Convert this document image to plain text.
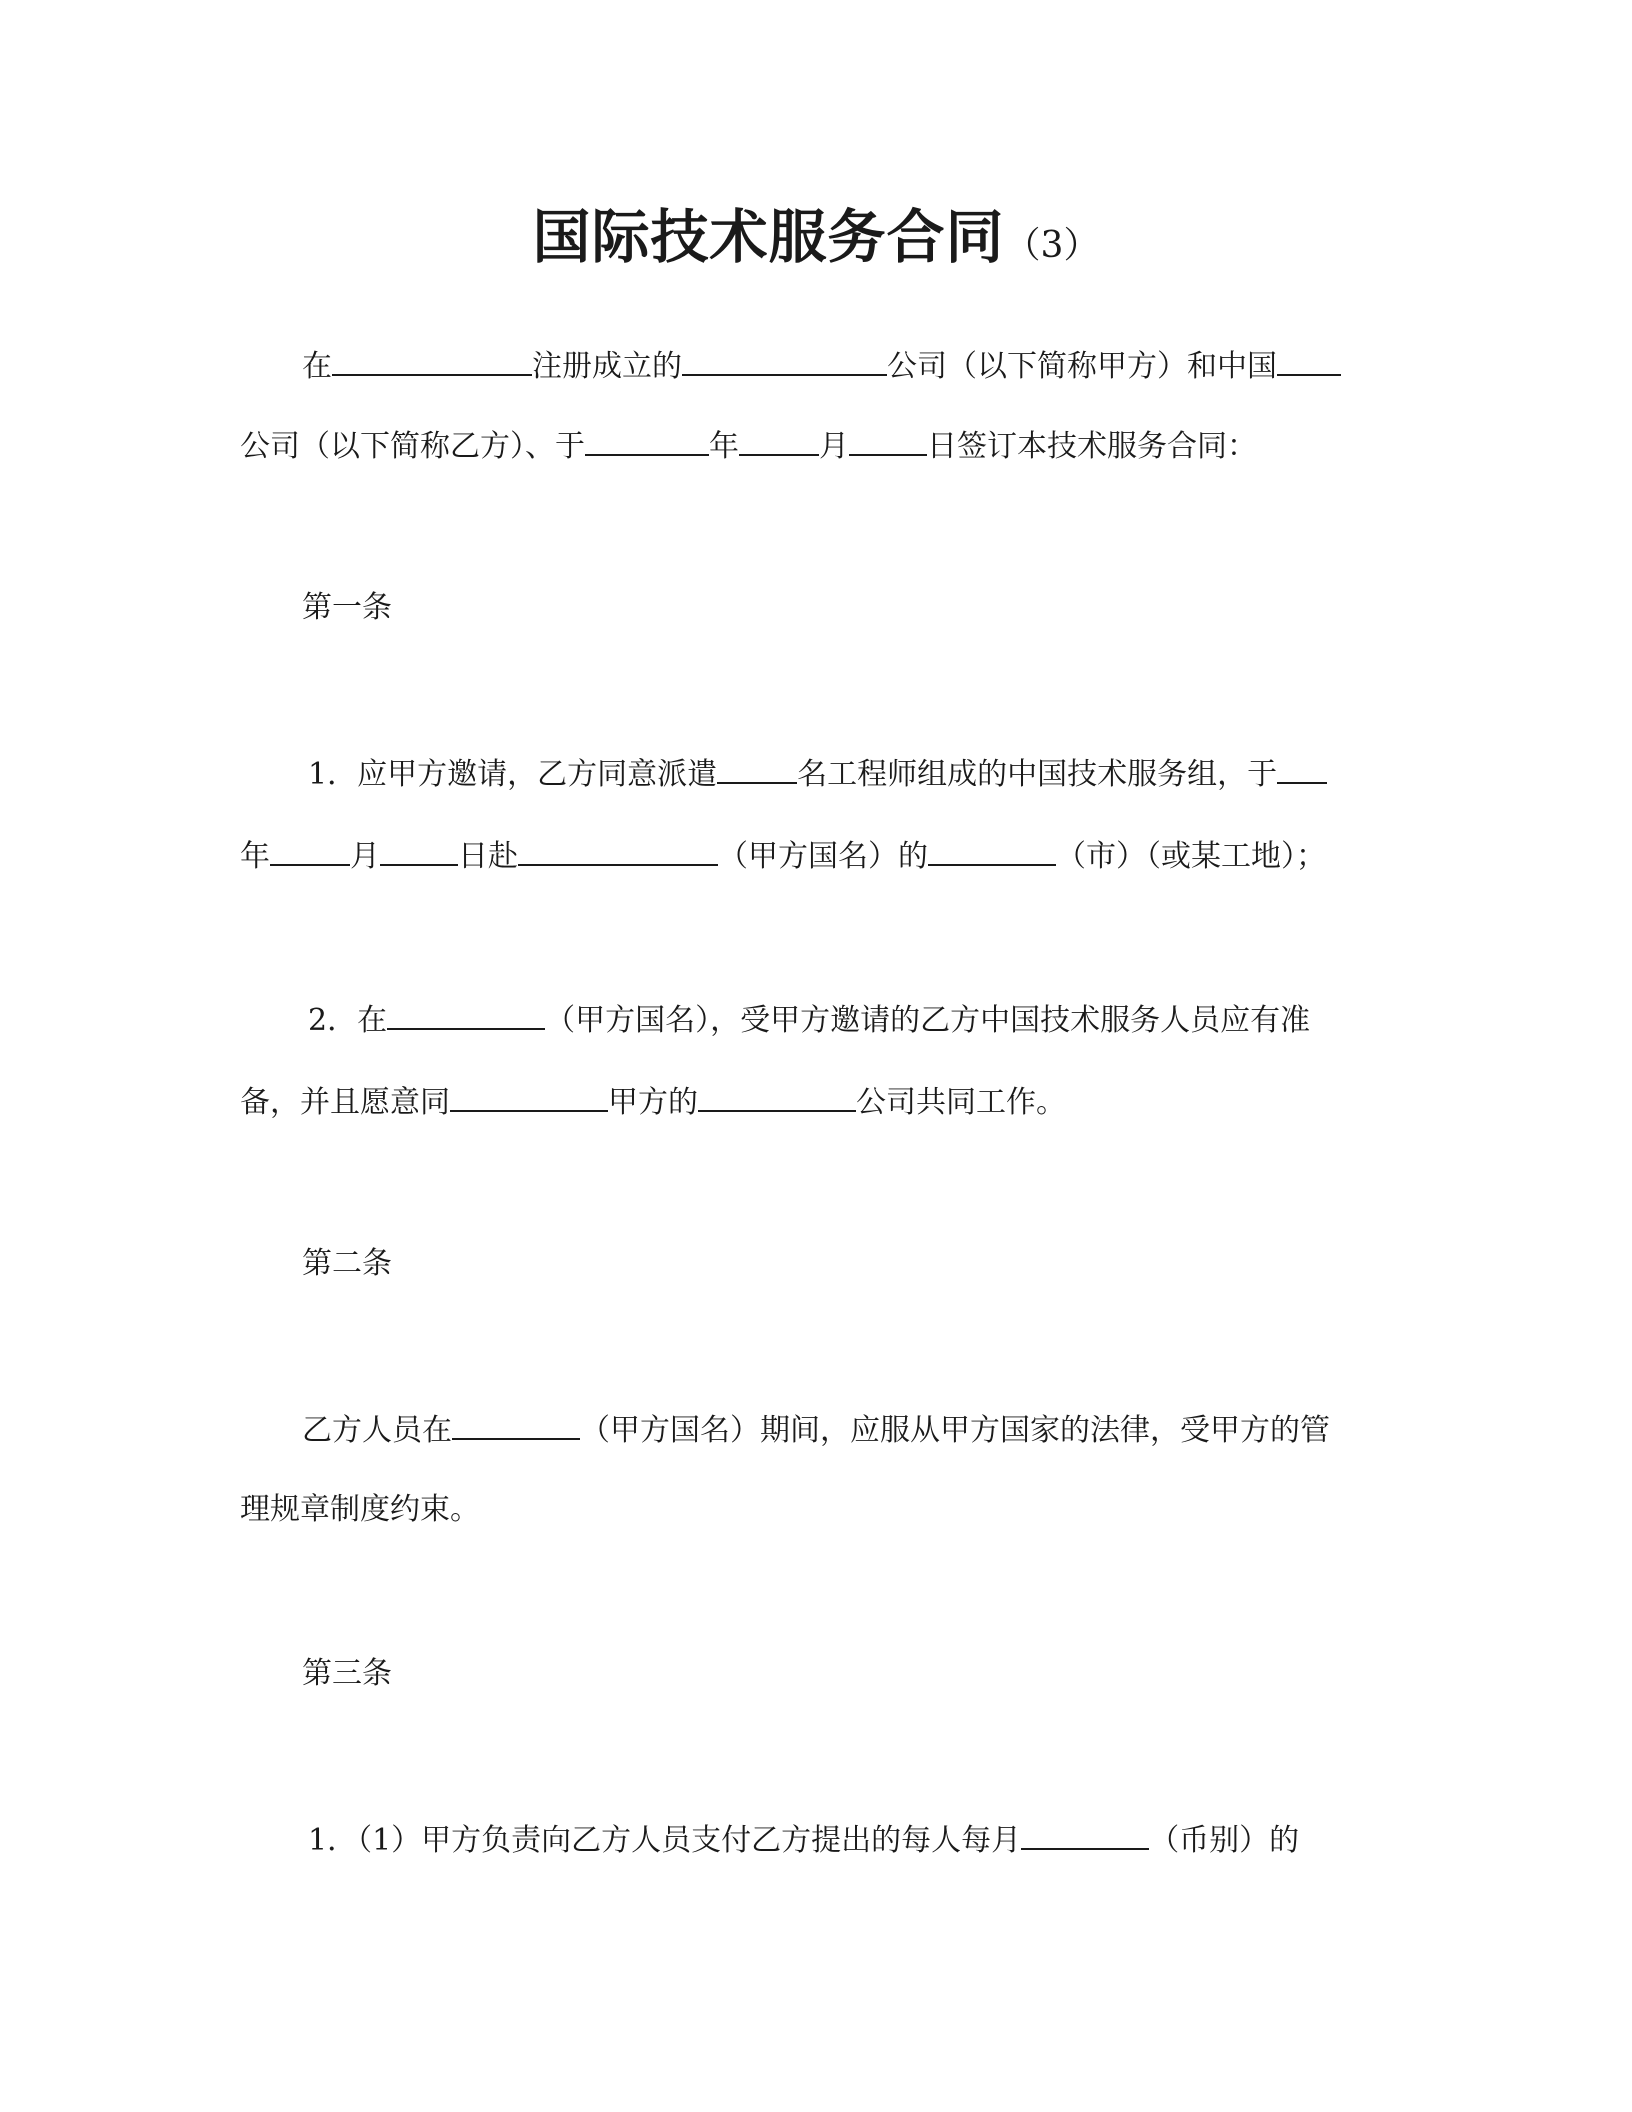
国际技术服务合同（3）
在	注册成立的	公司（以下简称甲方）和中国
公司（以下简称乙方）、于	年	月	日签订本技术服务合同：
第一条
1．应甲方邀请，乙方同意派遣	名工程师组成的中国技术服务组，于
年	月	日赴	（甲方国名）的	（市）（或某工地）；
2．在	（甲方国名），受甲方邀请的乙方中国技术服务人员应有准
备，并且愿意同	甲方的	公司共同工作。
第二条
乙方人员在	（甲方国名）期间，应服从甲方国家的法律，受甲方的管
理规章制度约束。
第三条
1．（1）甲方负责向乙方人员支付乙方提出的每人每月	（币别）的
